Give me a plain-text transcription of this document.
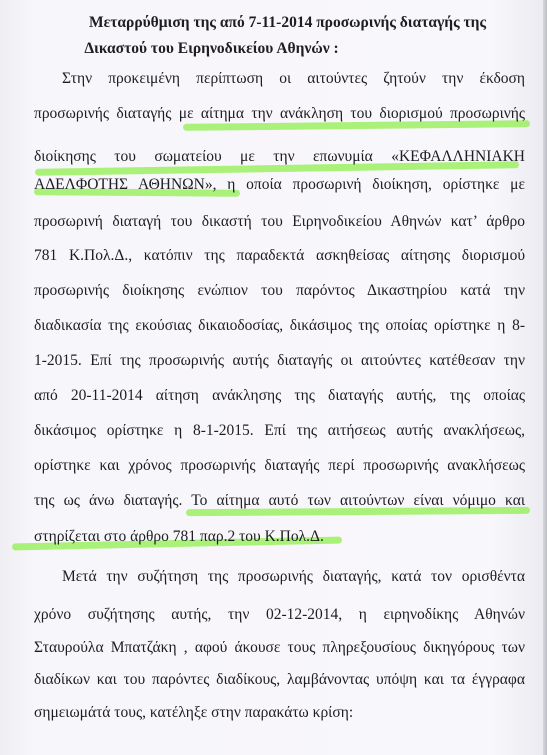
Μεταρρύθμιση της από 7-11-2014 προσωρινής διαταγής της
Δικαστού του Ειρηνοδικείου Αθηνών :
Στην προκειμένη περίπτωση οι αιτούντες ζητούν την έκδοση
προσωρινής διαταγής με αίτημα την ανάκληση του διορισμού προσωρινής
διοίκησης του σωματείου με την επωνυμία «ΚΕΦΑΛΛΗΝΙΑΚΗ
ΑΔΕΛΦΟΤΗΣ ΑΘΗΝΩΝ», η οποία προσωρινή διοίκηση, ορίστηκε με
προσωρινή διαταγή του δικαστή του Ειρηνοδικείου Αθηνών κατ’ άρθρο
781 Κ.Πολ.Δ., κατόπιν της παραδεκτά ασκηθείσας αίτησης διορισμού
προσωρινής διοίκησης ενώπιον του παρόντος Δικαστηρίου κατά την
διαδικασία της εκούσιας δικαιοδοσίας, δικάσιμος της οποίας ορίστηκε η 8-
1-2015. Επί της προσωρινής αυτής διαταγής οι αιτούντες κατέθεσαν την
από 20-11-2014 αίτηση ανάκλησης της διαταγής αυτής, της οποίας
δικάσιμος ορίστηκε η 8-1-2015. Επί της αιτήσεως αυτής ανακλήσεως,
ορίστηκε και χρόνος προσωρινής διαταγής περί προσωρινής ανακλήσεως
της ως άνω διαταγής. Το αίτημα αυτό των αιτούντων είναι νόμιμο και
στηρίζεται στο άρθρο 781 παρ.2 του Κ.Πολ.Δ.
Μετά την συζήτηση της προσωρινής διαταγής, κατά τον ορισθέντα
χρόνο συζήτησης αυτής, την 02-12-2014, η ειρηνοδίκης Αθηνών
Σταυρούλα Μπατζάκη , αφού άκουσε τους πληρεξουσίους δικηγόρους των
διαδίκων και του παρόντες διαδίκους, λαμβάνοντας υπόψη και τα έγγραφα
σημειωμάτά τους, κατέληξε στην παρακάτω κρίση:
